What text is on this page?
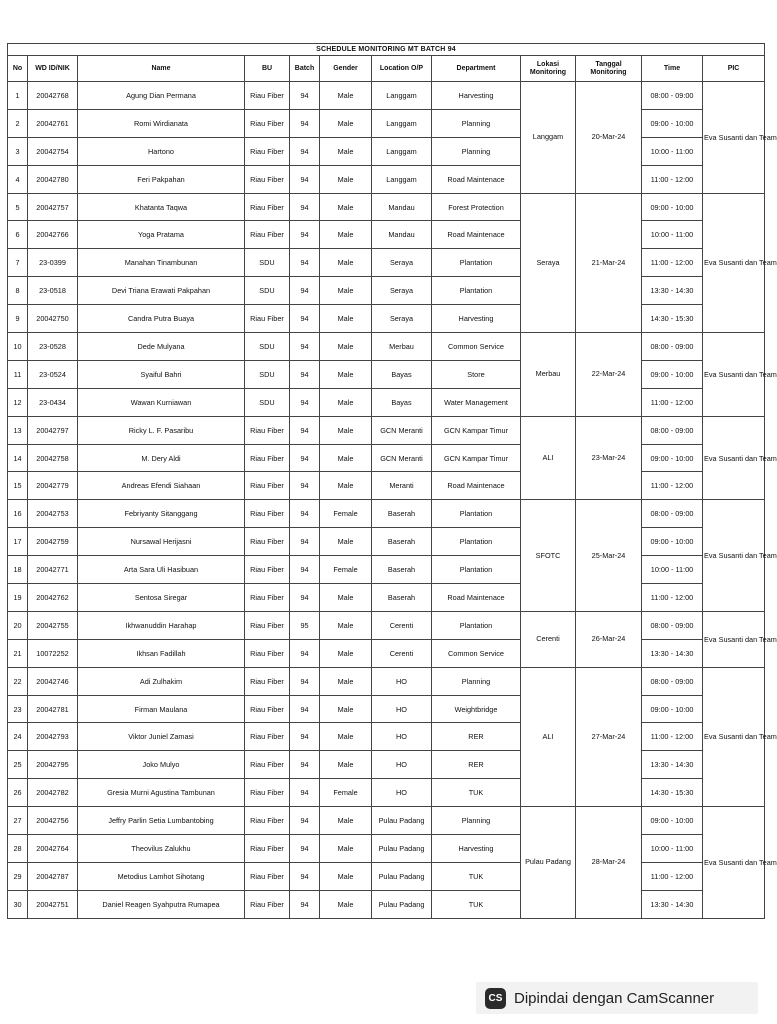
SCHEDULE MONITORING MT BATCH 94											
No	WD ID/NIK	Name	BU	Batch	Gender	Location O/P	Department	Lokasi Monitoring	Tanggal Monitoring	Time	PIC
1	20042768	Agung Dian Permana	Riau Fiber	94	Male	Langgam	Harvesting	Langgam	20-Mar-24	08:00 - 09:00	Eva Susanti dan Team
2	20042761	Romi Wirdianata	Riau Fiber	94	Male	Langgam	Planning			09:00 - 10:00	
3	20042754	Hartono	Riau Fiber	94	Male	Langgam	Planning			10:00 - 11:00	
4	20042780	Feri Pakpahan	Riau Fiber	94	Male	Langgam	Road Maintenace			11:00 - 12:00	
5	20042757	Khatanta Taqwa	Riau Fiber	94	Male	Mandau	Forest Protection	Seraya	21-Mar-24	09:00 - 10:00	Eva Susanti dan Team
6	20042766	Yoga Pratama	Riau Fiber	94	Male	Mandau	Road Maintenace			10:00 - 11:00	
7	23-0399	Manahan Tinambunan	SDU	94	Male	Seraya	Plantation			11:00 - 12:00	
8	23-0518	Devi Triana Erawati Pakpahan	SDU	94	Male	Seraya	Plantation			13:30 - 14:30	
9	20042750	Candra Putra Buaya	Riau Fiber	94	Male	Seraya	Harvesting			14:30 - 15:30	
10	23-0528	Dede Mulyana	SDU	94	Male	Merbau	Common Service	Merbau	22-Mar-24	08:00 - 09:00	Eva Susanti dan Team
11	23-0524	Syaiful Bahri	SDU	94	Male	Bayas	Store			09:00 - 10:00	
12	23-0434	Wawan Kurniawan	SDU	94	Male	Bayas	Water Management			11:00 - 12:00	
13	20042797	Ricky L. F. Pasaribu	Riau Fiber	94	Male	GCN Meranti	GCN Kampar Timur	ALI	23-Mar-24	08:00 - 09:00	Eva Susanti dan Team
14	20042758	M. Dery Aldi	Riau Fiber	94	Male	GCN Meranti	GCN Kampar Timur			09:00 - 10:00	
15	20042779	Andreas Efendi Siahaan	Riau Fiber	94	Male	Meranti	Road Maintenace			11:00 - 12:00	
16	20042753	Febriyanty Sitanggang	Riau Fiber	94	Female	Baserah	Plantation	SFOTC	25-Mar-24	08:00 - 09:00	Eva Susanti dan Team
17	20042759	Nursawal Herijasni	Riau Fiber	94	Male	Baserah	Plantation			09:00 - 10:00	
18	20042771	Arta Sara Uli Hasibuan	Riau Fiber	94	Female	Baserah	Plantation			10:00 - 11:00	
19	20042762	Sentosa Siregar	Riau Fiber	94	Male	Baserah	Road Maintenace			11:00 - 12:00	
20	20042755	Ikhwanuddin Harahap	Riau Fiber	95	Male	Cerenti	Plantation	Cerenti	26-Mar-24	08:00 - 09:00	Eva Susanti dan Team
21	10072252	Ikhsan Fadillah	Riau Fiber	94	Male	Cerenti	Common Service			13:30 - 14:30	
22	20042746	Adi Zulhakim	Riau Fiber	94	Male	HO	Planning	ALI	27-Mar-24	08:00 - 09:00	Eva Susanti dan Team
23	20042781	Firman Maulana	Riau Fiber	94	Male	HO	Weightbridge			09:00 - 10:00	
24	20042793	Viktor Juniel Zamasi	Riau Fiber	94	Male	HO	RER			11:00 - 12:00	
25	20042795	Joko Mulyo	Riau Fiber	94	Male	HO	RER			13:30 - 14:30	
26	20042782	Gresia Murni Agustina Tambunan	Riau Fiber	94	Female	HO	TUK			14:30 - 15:30	
27	20042756	Jeffry Parlin Setia Lumbantobing	Riau Fiber	94	Male	Pulau Padang	Planning	Pulau Padang	28-Mar-24	09:00 - 10:00	Eva Susanti dan Team
28	20042764	Theovilus Zalukhu	Riau Fiber	94	Male	Pulau Padang	Harvesting			10:00 - 11:00	
29	20042787	Metodius Lamhot Sihotang	Riau Fiber	94	Male	Pulau Padang	TUK			11:00 - 12:00	
30	20042751	Daniel Reagen Syahputra Rumapea	Riau Fiber	94	Male	Pulau Padang	TUK			13:30 - 14:30	
CS Dipindai dengan CamScanner
